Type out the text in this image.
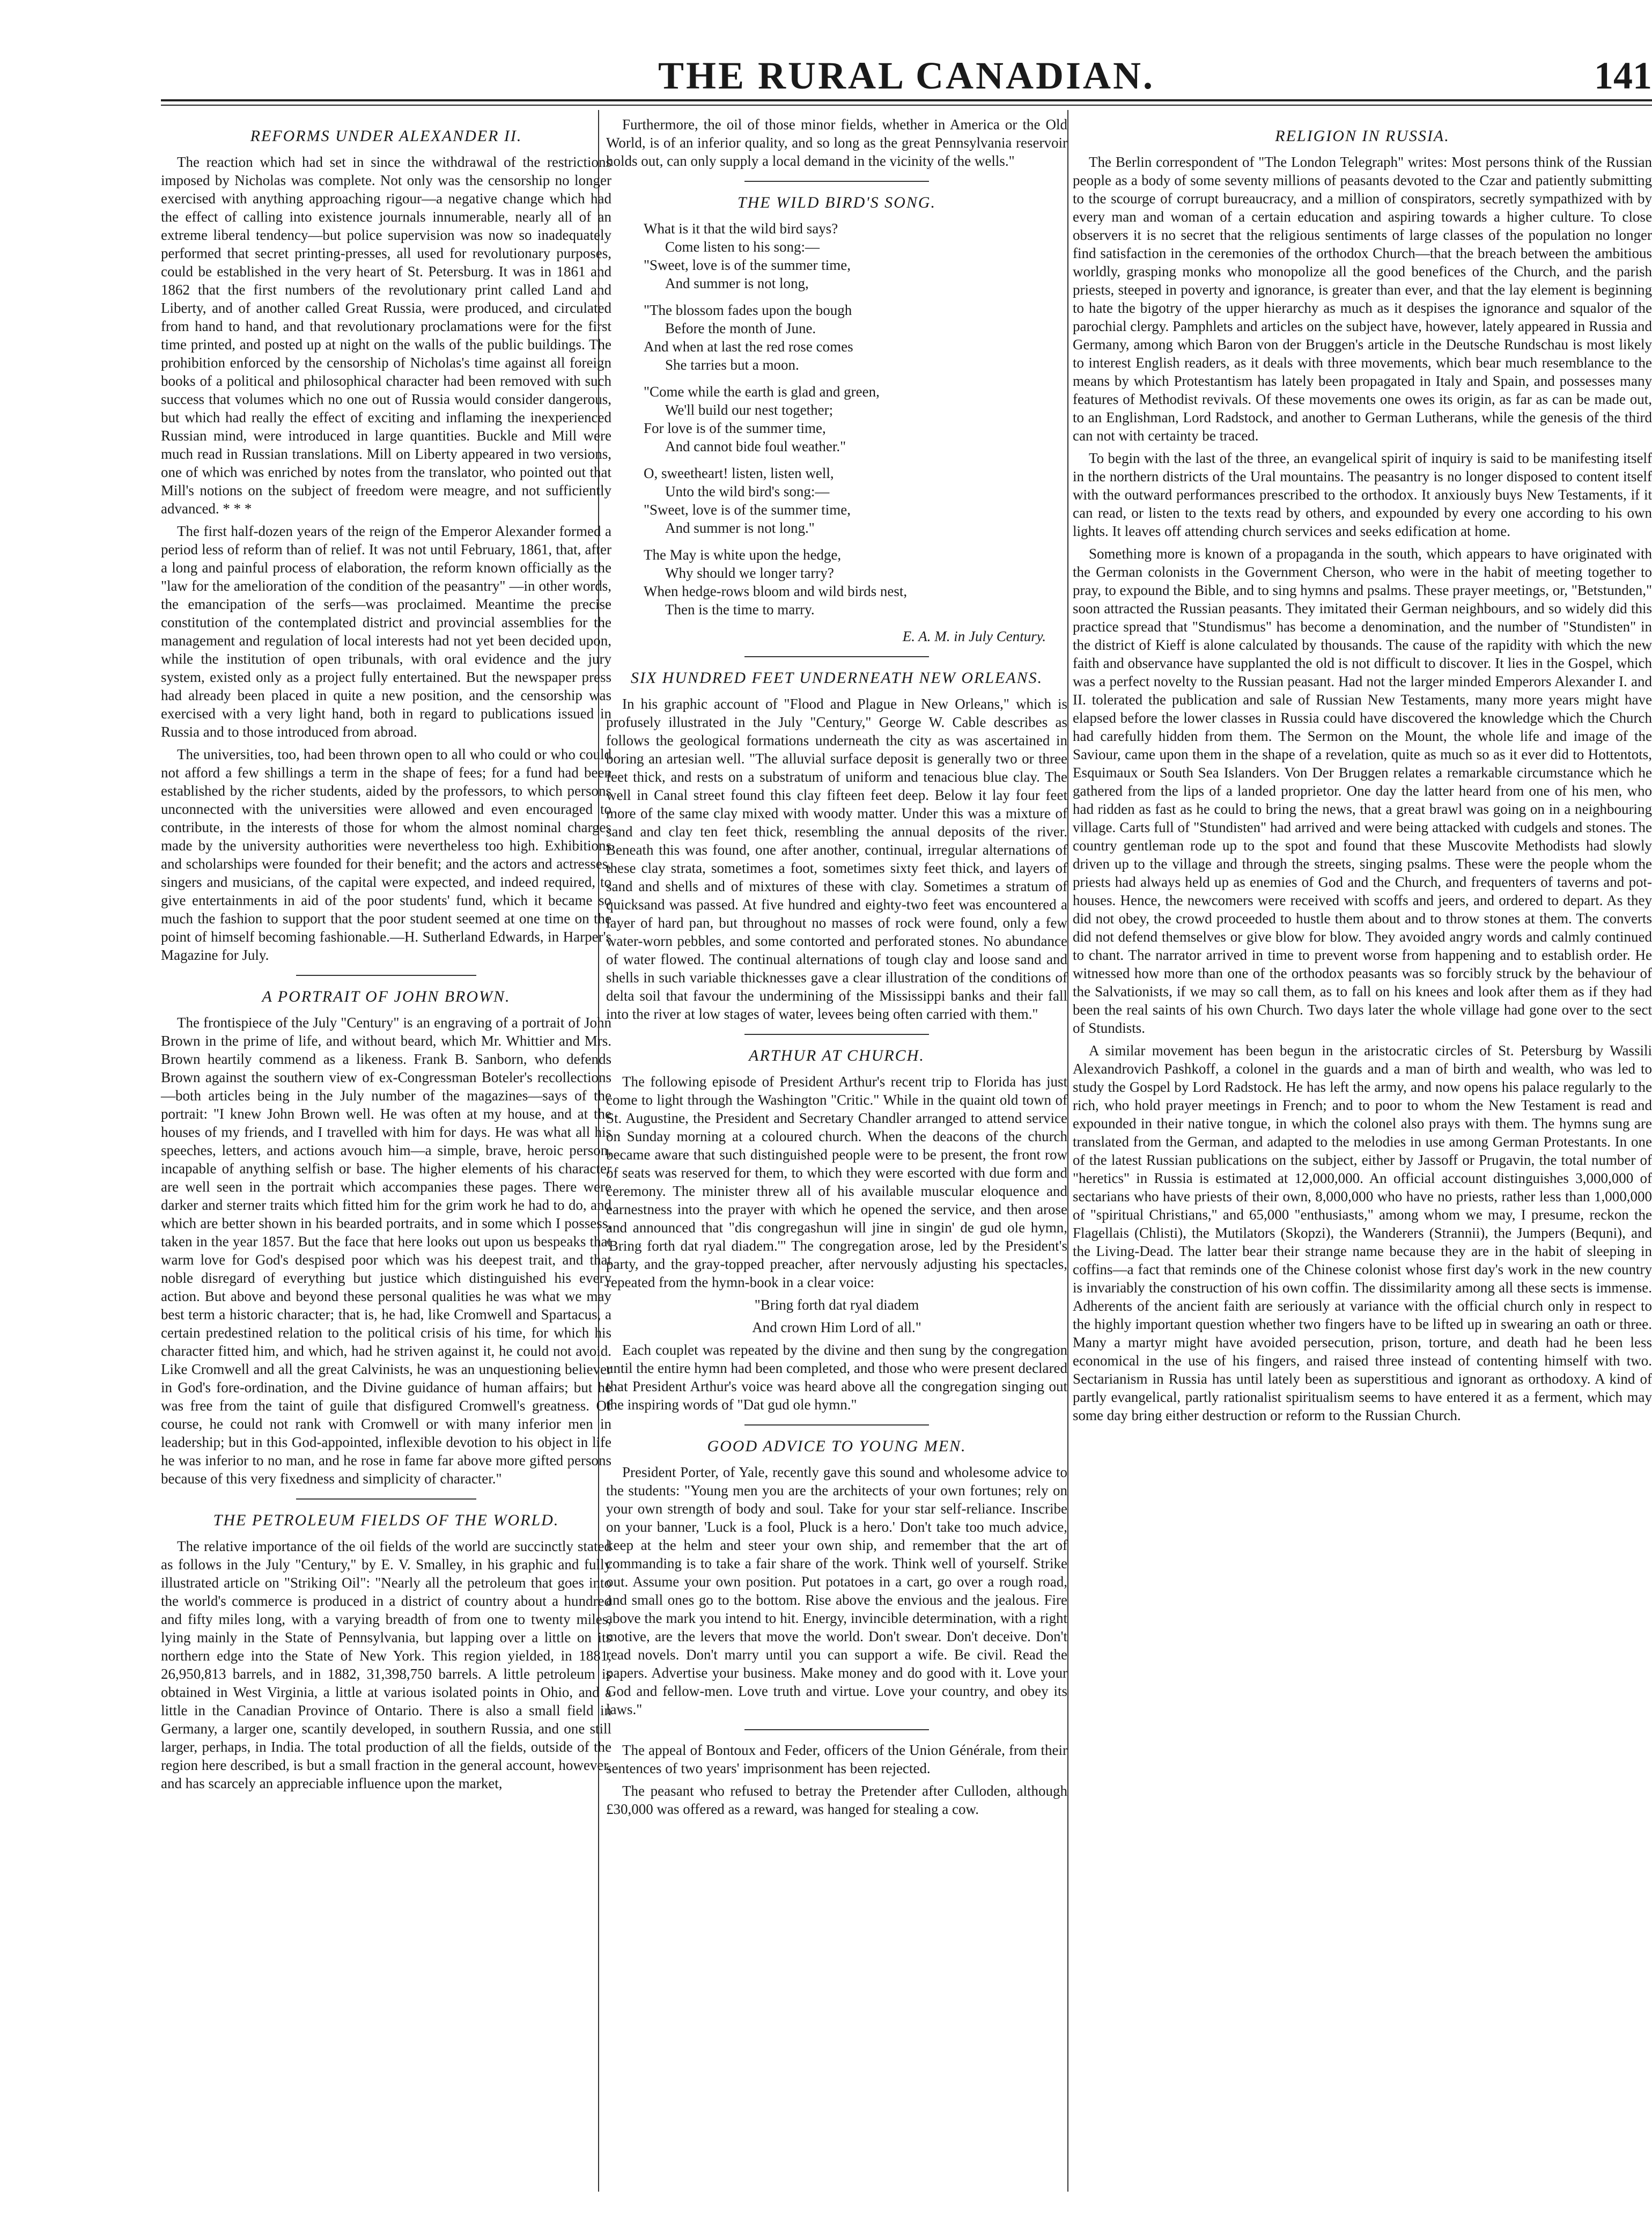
THE RURAL CANADIAN.	141
REFORMS UNDER ALEXANDER II.

The reaction which had set in since the withdrawal of the restrictions imposed by Nicholas was complete. Not only was the censorship no longer exercised with anything approaching rigour—a negative change which had the effect of calling into existence journals innumerable, nearly all of an extreme liberal tendency—but police supervision was now so inadequately performed that secret printing-presses, all used for revolutionary purposes, could be established in the very heart of St. Petersburg. It was in 1861 and 1862 that the first numbers of the revolutionary print called Land and Liberty, and of another called Great Russia, were produced, and circulated from hand to hand, and that revolutionary proclamations were for the first time printed, and posted up at night on the walls of the public buildings. The prohibition enforced by the censorship of Nicholas's time against all foreign books of a political and philosophical character had been removed with such success that volumes which no one out of Russia would consider dangerous, but which had really the effect of exciting and inflaming the inexperienced Russian mind, were introduced in large quantities. Buckle and Mill were much read in Russian translations. Mill on Liberty appeared in two versions, one of which was enriched by notes from the translator, who pointed out that Mill's notions on the subject of freedom were meagre, and not sufficiently advanced. * * *

The first half-dozen years of the reign of the Emperor Alexander formed a period less of reform than of relief. It was not until February, 1861, that, after a long and painful process of elaboration, the reform known officially as the "law for the amelioration of the condition of the peasantry" —in other words, the emancipation of the serfs—was proclaimed. Meantime the precise constitution of the contemplated district and provincial assemblies for the management and regulation of local interests had not yet been decided upon, while the institution of open tribunals, with oral evidence and the jury system, existed only as a project fully entertained. But the newspaper press had already been placed in quite a new position, and the censorship was exercised with a very light hand, both in regard to publications issued in Russia and to those introduced from abroad.

The universities, too, had been thrown open to all who could or who could not afford a few shillings a term in the shape of fees; for a fund had been established by the richer students, aided by the professors, to which persons unconnected with the universities were allowed and even encouraged to contribute, in the interests of those for whom the almost nominal charges made by the university authorities were nevertheless too high. Exhibitions and scholarships were founded for their benefit; and the actors and actresses, singers and musicians, of the capital were expected, and indeed required, to give entertainments in aid of the poor students' fund, which it became so much the fashion to support that the poor student seemed at one time on the point of himself becoming fashionable.—H. Sutherland Edwards, in Harper's Magazine for July.

A PORTRAIT OF JOHN BROWN.

The frontispiece of the July "Century" is an engraving of a portrait of John Brown in the prime of life, and without beard, which Mr. Whittier and Mrs. Brown heartily commend as a likeness. Frank B. Sanborn, who defends Brown against the southern view of ex-Congressman Boteler's recollections—both articles being in the July number of the magazines—says of the portrait: "I knew John Brown well. He was often at my house, and at the houses of my friends, and I travelled with him for days. He was what all his speeches, letters, and actions avouch him—a simple, brave, heroic person, incapable of anything selfish or base. The higher elements of his character are well seen in the portrait which accompanies these pages. There were darker and sterner traits which fitted him for the grim work he had to do, and which are better shown in his bearded portraits, and in some which I possess, taken in the year 1857. But the face that here looks out upon us bespeaks that warm love for God's despised poor which was his deepest trait, and that noble disregard of everything but justice which distinguished his every action. But above and beyond these personal qualities he was what we may best term a historic character; that is, he had, like Cromwell and Spartacus, a certain predestined relation to the political crisis of his time, for which his character fitted him, and which, had he striven against it, he could not avoid. Like Cromwell and all the great Calvinists, he was an unquestioning believer in God's fore-ordination, and the Divine guidance of human affairs; but he was free from the taint of guile that disfigured Cromwell's greatness. Of course, he could not rank with Cromwell or with many inferior men in leadership; but in this God-appointed, inflexible devotion to his object in life he was inferior to no man, and he rose in fame far above more gifted persons because of this very fixedness and simplicity of character."

THE PETROLEUM FIELDS OF THE WORLD.

The relative importance of the oil fields of the world are succinctly stated as follows in the July "Century," by E. V. Smalley, in his graphic and fully illustrated article on "Striking Oil": "Nearly all the petroleum that goes into the world's commerce is produced in a district of country about a hundred and fifty miles long, with a varying breadth of from one to twenty miles, lying mainly in the State of Pennsylvania, but lapping over a little on its northern edge into the State of New York. This region yielded, in 1881, 26,950,813 barrels, and in 1882, 31,398,750 barrels. A little petroleum is obtained in West Virginia, a little at various isolated points in Ohio, and a little in the Canadian Province of Ontario. There is also a small field in Germany, a larger one, scantily developed, in southern Russia, and one still larger, perhaps, in India. The total production of all the fields, outside of the region here described, is but a small fraction in the general account, however, and has scarcely an appreciable influence upon the market,

Furthermore, the oil of those minor fields, whether in America or the Old World, is of an inferior quality, and so long as the great Pennsylvania reservoir holds out, can only supply a local demand in the vicinity of the wells."

THE WILD BIRD'S SONG.
What is it that the wild bird says?
Come listen to his song:—
"Sweet, love is of the summer time,
And summer is not long,
"The blossom fades upon the bough
Before the month of June.
And when at last the red rose comes
She tarries but a moon.
"Come while the earth is glad and green,
We'll build our nest together;
For love is of the summer time,
And cannot bide foul weather."
O, sweetheart! listen, listen well,
Unto the wild bird's song:—
"Sweet, love is of the summer time,
And summer is not long."
The May is white upon the hedge,
Why should we longer tarry?
When hedge-rows bloom and wild birds nest,
Then is the time to marry.
E. A. M. in July Century.
SIX HUNDRED FEET UNDERNEATH NEW ORLEANS.

In his graphic account of "Flood and Plague in New Orleans," which is profusely illustrated in the July "Century," George W. Cable describes as follows the geological formations underneath the city as was ascertained in boring an artesian well. "The alluvial surface deposit is generally two or three feet thick, and rests on a substratum of uniform and tenacious blue clay. The well in Canal street found this clay fifteen feet deep. Below it lay four feet more of the same clay mixed with woody matter. Under this was a mixture of sand and clay ten feet thick, resembling the annual deposits of the river. Beneath this was found, one after another, continual, irregular alternations of these clay strata, sometimes a foot, sometimes sixty feet thick, and layers of sand and shells and of mixtures of these with clay. Sometimes a stratum of quicksand was passed. At five hundred and eighty-two feet was encountered a layer of hard pan, but throughout no masses of rock were found, only a few water-worn pebbles, and some contorted and perforated stones. No abundance of water flowed. The continual alternations of tough clay and loose sand and shells in such variable thicknesses gave a clear illustration of the conditions of delta soil that favour the undermining of the Mississippi banks and their fall into the river at low stages of water, levees being often carried with them."

ARTHUR AT CHURCH.

The following episode of President Arthur's recent trip to Florida has just come to light through the Washington "Critic." While in the quaint old town of St. Augustine, the President and Secretary Chandler arranged to attend service on Sunday morning at a coloured church. When the deacons of the church became aware that such distinguished people were to be present, the front row of seats was reserved for them, to which they were escorted with due form and ceremony. The minister threw all of his available muscular eloquence and earnestness into the prayer with which he opened the service, and then arose and announced that "dis congregashun will jine in singin' de gud ole hymn, 'Bring forth dat ryal diadem.'" The congregation arose, led by the President's party, and the gray-topped preacher, after nervously adjusting his spectacles, repeated from the hymn-book in a clear voice:

"Bring forth dat ryal diadem
And crown Him Lord of all."

Each couplet was repeated by the divine and then sung by the congregation until the entire hymn had been completed, and those who were present declared that President Arthur's voice was heard above all the congregation singing out the inspiring words of "Dat gud ole hymn."

GOOD ADVICE TO YOUNG MEN.

President Porter, of Yale, recently gave this sound and wholesome advice to the students: "Young men you are the architects of your own fortunes; rely on your own strength of body and soul. Take for your star self-reliance. Inscribe on your banner, 'Luck is a fool, Pluck is a hero.' Don't take too much advice, keep at the helm and steer your own ship, and remember that the art of commanding is to take a fair share of the work. Think well of yourself. Strike out. Assume your own position. Put potatoes in a cart, go over a rough road, and small ones go to the bottom. Rise above the envious and the jealous. Fire above the mark you intend to hit. Energy, invincible determination, with a right motive, are the levers that move the world. Don't swear. Don't deceive. Don't read novels. Don't marry until you can support a wife. Be civil. Read the papers. Advertise your business. Make money and do good with it. Love your God and fellow-men. Love truth and virtue. Love your country, and obey its laws."

The appeal of Bontoux and Feder, officers of the Union Générale, from their sentences of two years' imprisonment has been rejected.

The peasant who refused to betray the Pretender after Culloden, although £30,000 was offered as a reward, was hanged for stealing a cow.

RELIGION IN RUSSIA.

The Berlin correspondent of "The London Telegraph" writes: Most persons think of the Russian people as a body of some seventy millions of peasants devoted to the Czar and patiently submitting to the scourge of corrupt bureaucracy, and a million of conspirators, secretly sympathized with by every man and woman of a certain education and aspiring towards a higher culture. To close observers it is no secret that the religious sentiments of large classes of the population no longer find satisfaction in the ceremonies of the orthodox Church—that the breach between the ambitious worldly, grasping monks who monopolize all the good benefices of the Church, and the parish priests, steeped in poverty and ignorance, is greater than ever, and that the lay element is beginning to hate the bigotry of the upper hierarchy as much as it despises the ignorance and squalor of the parochial clergy. Pamphlets and articles on the subject have, however, lately appeared in Russia and Germany, among which Baron von der Bruggen's article in the Deutsche Rundschau is most likely to interest English readers, as it deals with three movements, which bear much resemblance to the means by which Protestantism has lately been propagated in Italy and Spain, and possesses many features of Methodist revivals. Of these movements one owes its origin, as far as can be made out, to an Englishman, Lord Radstock, and another to German Lutherans, while the genesis of the third can not with certainty be traced.

To begin with the last of the three, an evangelical spirit of inquiry is said to be manifesting itself in the northern districts of the Ural mountains. The peasantry is no longer disposed to content itself with the outward performances prescribed to the orthodox. It anxiously buys New Testaments, if it can read, or listen to the texts read by others, and expounded by every one according to his own lights. It leaves off attending church services and seeks edification at home.

Something more is known of a propaganda in the south, which appears to have originated with the German colonists in the Government Cherson, who were in the habit of meeting together to pray, to expound the Bible, and to sing hymns and psalms. These prayer meetings, or, "Betstunden," soon attracted the Russian peasants. They imitated their German neighbours, and so widely did this practice spread that "Stundismus" has become a denomination, and the number of "Stundisten" in the district of Kieff is alone calculated by thousands. The cause of the rapidity with which the new faith and observance have supplanted the old is not difficult to discover. It lies in the Gospel, which was a perfect novelty to the Russian peasant. Had not the larger minded Emperors Alexander I. and II. tolerated the publication and sale of Russian New Testaments, many more years might have elapsed before the lower classes in Russia could have discovered the knowledge which the Church had carefully hidden from them. The Sermon on the Mount, the whole life and image of the Saviour, came upon them in the shape of a revelation, quite as much so as it ever did to Hottentots, Esquimaux or South Sea Islanders. Von Der Bruggen relates a remarkable circumstance which he gathered from the lips of a landed proprietor. One day the latter heard from one of his men, who had ridden as fast as he could to bring the news, that a great brawl was going on in a neighbouring village. Carts full of "Stundisten" had arrived and were being attacked with cudgels and stones. The country gentleman rode up to the spot and found that these Muscovite Methodists had slowly driven up to the village and through the streets, singing psalms. These were the people whom the priests had always held up as enemies of God and the Church, and frequenters of taverns and pot-houses. Hence, the newcomers were received with scoffs and jeers, and ordered to depart. As they did not obey, the crowd proceeded to hustle them about and to throw stones at them. The converts did not defend themselves or give blow for blow. They avoided angry words and calmly continued to chant. The narrator arrived in time to prevent worse from happening and to establish order. He witnessed how more than one of the orthodox peasants was so forcibly struck by the behaviour of the Salvationists, if we may so call them, as to fall on his knees and look after them as if they had been the real saints of his own Church. Two days later the whole village had gone over to the sect of Stundists.

A similar movement has been begun in the aristocratic circles of St. Petersburg by Wassili Alexandrovich Pashkoff, a colonel in the guards and a man of birth and wealth, who was led to study the Gospel by Lord Radstock. He has left the army, and now opens his palace regularly to the rich, who hold prayer meetings in French; and to poor to whom the New Testament is read and expounded in their native tongue, in which the colonel also prays with them. The hymns sung are translated from the German, and adapted to the melodies in use among German Protestants. In one of the latest Russian publications on the subject, either by Jassoff or Prugavin, the total number of "heretics" in Russia is estimated at 12,000,000. An official account distinguishes 3,000,000 of sectarians who have priests of their own, 8,000,000 who have no priests, rather less than 1,000,000 of "spiritual Christians," and 65,000 "enthusiasts," among whom we may, I presume, reckon the Flagellais (Chlisti), the Mutilators (Skopzi), the Wanderers (Strannii), the Jumpers (Bequni), and the Living-Dead. The latter bear their strange name because they are in the habit of sleeping in coffins—a fact that reminds one of the Chinese colonist whose first day's work in the new country is invariably the construction of his own coffin. The dissimilarity among all these sects is immense. Adherents of the ancient faith are seriously at variance with the official church only in respect to the highly important question whether two fingers have to be lifted up in swearing an oath or three. Many a martyr might have avoided persecution, prison, torture, and death had he been less economical in the use of his fingers, and raised three instead of contenting himself with two. Sectarianism in Russia has until lately been as superstitious and ignorant as orthodoxy. A kind of partly evangelical, partly rationalist spiritualism seems to have entered it as a ferment, which may some day bring either destruction or reform to the Russian Church.
